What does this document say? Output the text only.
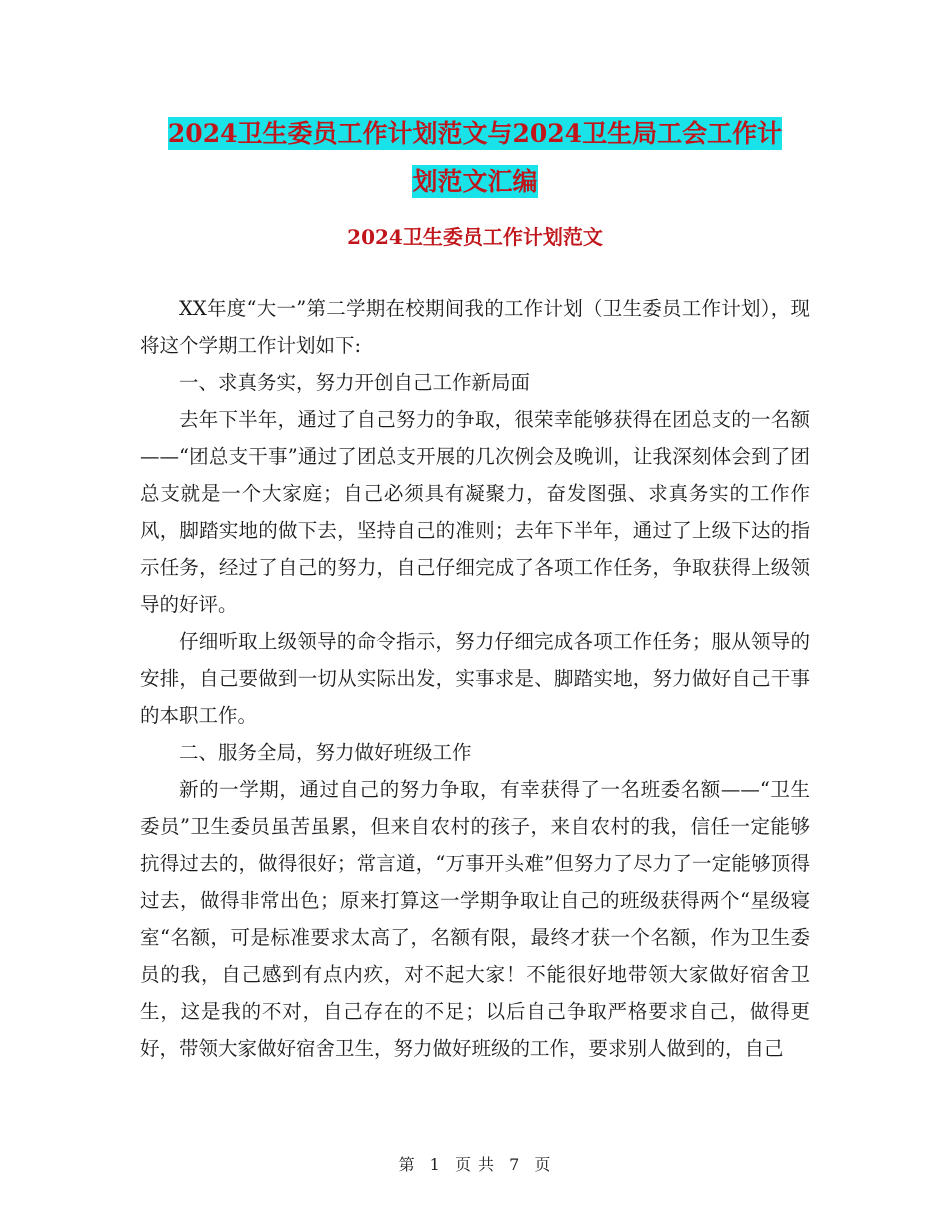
2024卫生委员工作计划范文与2024卫生局工会工作计
划范文汇编
2024卫生委员工作计划范文

XX年度“大一”第二学期在校期间我的工作计划（卫生委员工作计划），现将这个学期工作计划如下:

一、求真务实，努力开创自己工作新局面

去年下半年，通过了自己努力的争取，很荣幸能够获得在团总支的一名额——“团总支干事”通过了团总支开展的几次例会及晚训，让我深刻体会到了团总支就是一个大家庭；自己必须具有凝聚力，奋发图强、求真务实的工作作风，脚踏实地的做下去，坚持自己的准则；去年下半年，通过了上级下达的指示任务，经过了自己的努力，自己仔细完成了各项工作任务，争取获得上级领导的好评。

仔细听取上级领导的命令指示，努力仔细完成各项工作任务；服从领导的安排，自己要做到一切从实际出发，实事求是、脚踏实地，努力做好自己干事的本职工作。

二、服务全局，努力做好班级工作

新的一学期，通过自己的努力争取，有幸获得了一名班委名额——“卫生委员”卫生委员虽苦虽累，但来自农村的孩子，来自农村的我，信任一定能够抗得过去的，做得很好；常言道，“万事开头难”但努力了尽力了一定能够顶得过去，做得非常出色；原来打算这一学期争取让自己的班级获得两个“星级寝室“名额，可是标准要求太高了，名额有限，最终才获一个名额，作为卫生委员的我，自己感到有点内疚，对不起大家！不能很好地带领大家做好宿舍卫生，这是我的不对，自己存在的不足；以后自己争取严格要求自己，做得更好，带领大家做好宿舍卫生，努力做好班级的工作，要求别人做到的，自己

第 1 页 共 7 页
